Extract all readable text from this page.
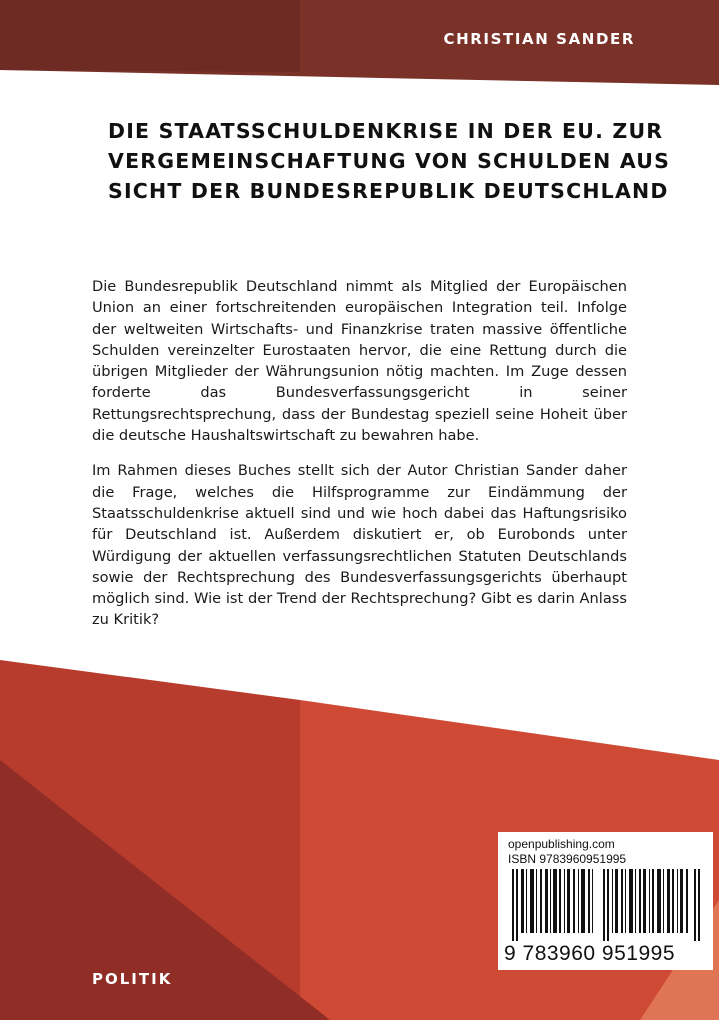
CHRISTIAN SANDER
DIE STAATSSCHULDENKRISE IN DER EU. ZUR
VERGEMEINSCHAFTUNG VON SCHULDEN AUS
SICHT DER BUNDESREPUBLIK DEUTSCHLAND

Die Bundesrepublik Deutschland nimmt als Mitglied der Europäischen Union an einer fortschreitenden europäischen Integration teil. Infolge der weltweiten Wirtschafts- und Finanzkrise traten massive öffentliche Schulden vereinzelter Eurostaaten hervor, die eine Rettung durch die übrigen Mitglieder der Währungsunion nötig machten. Im Zuge dessen forderte das Bundesverfassungsgericht in seiner Rettungsrechtsprechung, dass der Bundestag speziell seine Hoheit über die deutsche Haushaltswirtschaft zu bewahren habe.

Im Rahmen dieses Buches stellt sich der Autor Christian Sander daher die Frage, welches die Hilfsprogramme zur Eindämmung der Staatsschuldenkrise aktuell sind und wie hoch dabei das Haftungsrisiko für Deutschland ist. Außerdem diskutiert er, ob Eurobonds unter Würdigung der aktuellen verfassungsrechtlichen Statuten Deutschlands sowie der Rechtsprechung des Bundesverfassungsgerichts überhaupt möglich sind. Wie ist der Trend der Rechtsprechung? Gibt es darin Anlass zu Kritik?

POLITIK
openpublishing.com
ISBN 9783960951995
9 783960 951995
